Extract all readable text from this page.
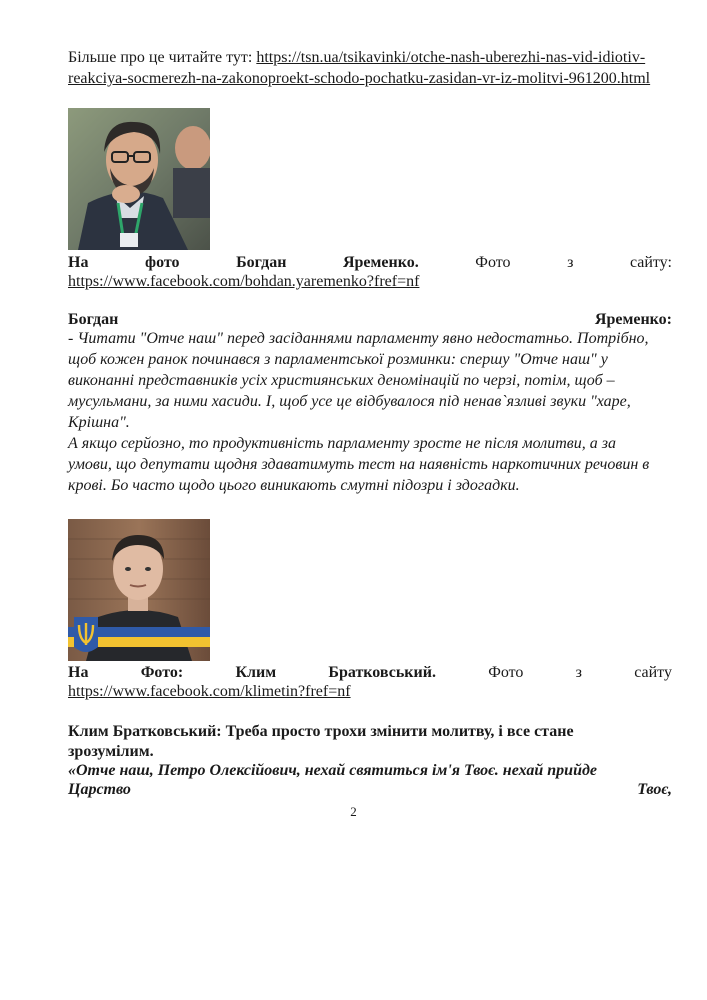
Більше про це читайте тут: https://tsn.ua/tsikavinki/otche-nash-uberezhi-nas-vid-idiotiv-
reakciya-socmerezh-na-zakonoproekt-schodo-pochatku-zasidan-vr-iz-molitvi-961200.html
На	фото	Богдан	Яременко.	Фото	з	сайту:
https://www.facebook.com/bohdan.yaremenko?fref=nf
Богдан	Яременко:
- Читати "Отче наш" перед засіданнями парламенту явно недостатньо. Потрібно,
щоб кожен ранок починався з парламентської розминки: спершу "Отче наш" у
виконанні представників усіх християнських деномінацій по черзі, потім, щоб –
мусульмани, за ними хасиди. І, щоб усе це відбувалося під ненав`язливі звуки "харе,
Крішна".
А якщо серйозно, то продуктивність парламенту зросте не після молитви, а за
умови, що депутати щодня здаватимуть тест на наявність наркотичних речовин в
крові. Бо часто щодо цього виникають смутні підозри і здогадки.
На	Фото:	Клим	Братковський.	Фото	з	сайту
https://www.facebook.com/klimetin?fref=nf
Клим Братковський: Треба просто трохи змінити молитву, і все стане
зрозумілим.
«Отче наш, Петро Олексійович, нехай святиться ім'я Твоє. нехай прийде
Царство	Твоє,
2
